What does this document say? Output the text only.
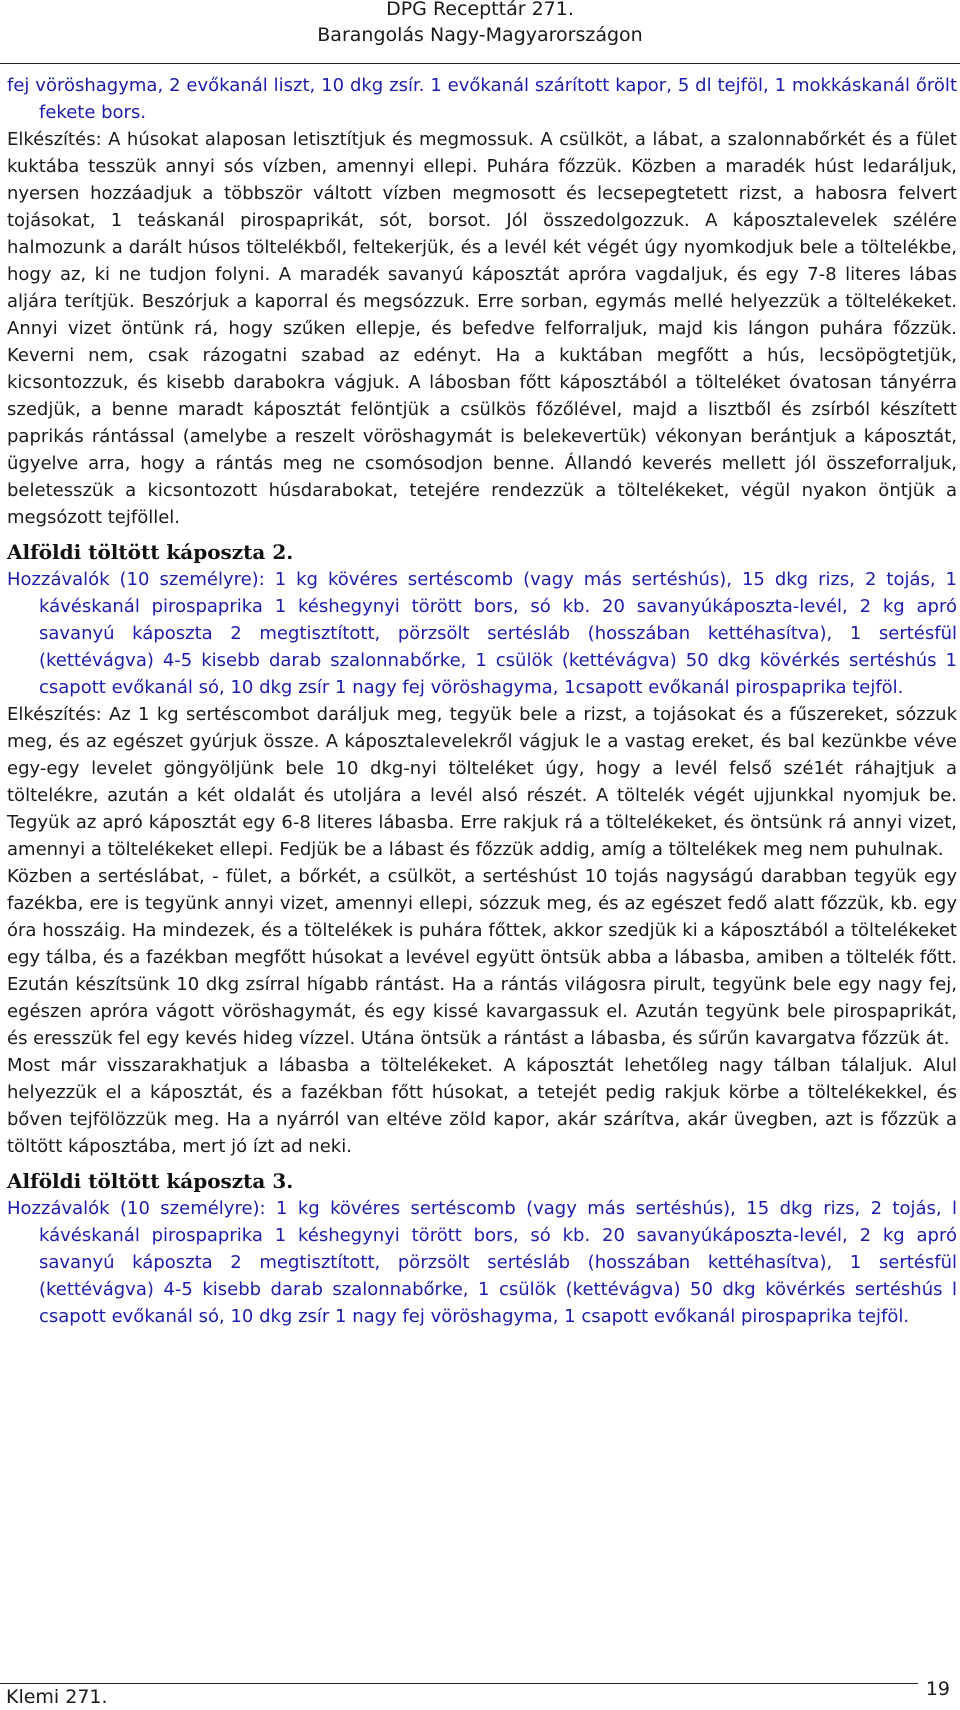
DPG Recepttár 271.
Barangolás Nagy-Magyarországon

fej vöröshagyma, 2 evőkanál liszt, 10 dkg zsír. 1 evőkanál szárított kapor, 5 dl tejföl, 1 mokkáskanál őrölt fekete bors.

Elkészítés: A húsokat alaposan letisztítjuk és megmossuk. A csülköt, a lábat, a szalonnabőrkét és a fület kuktába tesszük annyi sós vízben, amennyi ellepi. Puhára főzzük. Közben a maradék húst ledaráljuk, nyersen hozzáadjuk a többször váltott vízben megmosott és lecsepegtetett rizst, a habosra felvert tojásokat, 1 teáskanál pirospaprikát, sót, borsot. Jól összedolgozzuk. A káposztalevelek szélére halmozunk a darált húsos töltelékből, feltekerjük, és a levél két végét úgy nyomkodjuk bele a töltelékbe, hogy az, ki ne tudjon folyni. A maradék savanyú káposztát apróra vagdaljuk, és egy 7-8 literes lábas aljára terítjük. Beszórjuk a kaporral és megsózzuk. Erre sorban, egymás mellé helyezzük a töltelékeket. Annyi vizet öntünk rá, hogy szűken ellepje, és befedve felforraljuk, majd kis lángon puhára főzzük. Keverni nem, csak rázogatni szabad az edényt. Ha a kuktában megfőtt a hús, lecsöpögtetjük, kicsontozzuk, és kisebb darabokra vágjuk. A lábosban főtt káposztából a tölteléket óvatosan tányérra szedjük, a benne maradt káposztát felöntjük a csülkös főzőlével, majd a lisztből és zsírból készített paprikás rántással (amelybe a reszelt vöröshagymát is belekevertük) vékonyan berántjuk a káposztát, ügyelve arra, hogy a rántás meg ne csomósodjon benne. Állandó keverés mellett jól összeforraljuk, beletesszük a kicsontozott húsdarabokat, tetejére rendezzük a töltelékeket, végül nyakon öntjük a megsózott tejföllel.

Alföldi töltött káposzta 2.

Hozzávalók (10 személyre): 1 kg kövéres sertéscomb (vagy más sertéshús), 15 dkg rizs, 2 tojás, 1 kávéskanál pirospaprika 1 késhegynyi törött bors, só kb. 20 savanyúkáposzta-levél, 2 kg apró savanyú káposzta 2 megtisztított, pörzsölt sertésláb (hosszában kettéhasítva), 1 sertésfül (kettévágva) 4-5 kisebb darab szalonnabőrke, 1 csülök (kettévágva) 50 dkg kövérkés sertéshús 1 csapott evőkanál só, 10 dkg zsír 1 nagy fej vöröshagyma, 1csapott evőkanál pirospaprika tejföl.

Elkészítés: Az 1 kg sertéscombot daráljuk meg, tegyük bele a rizst, a tojásokat és a fűszereket, sózzuk meg, és az egészet gyúrjuk össze. A káposztalevelekről vágjuk le a vastag ereket, és bal kezünkbe véve egy-egy levelet göngyöljünk bele 10 dkg-nyi tölteléket úgy, hogy a levél felső szé1ét ráhajtjuk a töltelékre, azután a két oldalát és utoljára a levél alsó részét. A töltelék végét ujjunkkal nyomjuk be. Tegyük az apró káposztát egy 6-8 literes lábasba. Erre rakjuk rá a töltelékeket, és öntsünk rá annyi vizet, amennyi a töltelékeket ellepi. Fedjük be a lábast és főzzük addig, amíg a töltelékek meg nem puhulnak.

Közben a sertéslábat, - fület, a bőrkét, a csülköt, a sertéshúst 10 tojás nagyságú darabban tegyük egy fazékba, ere is tegyünk annyi vizet, amennyi ellepi, sózzuk meg, és az egészet fedő alatt főzzük, kb. egy óra hosszáig. Ha mindezek, és a töltelékek is puhára főttek, akkor szedjük ki a káposztából a töltelékeket egy tálba, és a fazékban megfőtt húsokat a levével együtt öntsük abba a lábasba, amiben a töltelék főtt. Ezután készítsünk 10 dkg zsírral hígabb rántást. Ha a rántás világosra pirult, tegyünk bele egy nagy fej, egészen apróra vágott vöröshagymát, és egy kissé kavargassuk el. Azután tegyünk bele pirospaprikát, és eresszük fel egy kevés hideg vízzel. Utána öntsük a rántást a lábasba, és sűrűn kavargatva főzzük át.

Most már visszarakhatjuk a lábasba a töltelékeket. A káposztát lehetőleg nagy tálban tálaljuk. Alul helyezzük el a káposztát, és a fazékban főtt húsokat, a tetejét pedig rakjuk körbe a töltelékekkel, és bőven tejfölözzük meg. Ha a nyárról van eltéve zöld kapor, akár szárítva, akár üvegben, azt is főzzük a töltött káposztába, mert jó ízt ad neki.

Alföldi töltött káposzta 3.

Hozzávalók (10 személyre): 1 kg kövéres sertéscomb (vagy más sertéshús), 15 dkg rizs, 2 tojás, l kávéskanál pirospaprika 1 késhegynyi törött bors, só kb. 20 savanyúkáposzta-levél, 2 kg apró savanyú káposzta 2 megtisztított, pörzsölt sertésláb (hosszában kettéhasítva), 1 sertésfül (kettévágva) 4-5 kisebb darab szalonnabőrke, 1 csülök (kettévágva) 50 dkg kövérkés sertéshús l csapott evőkanál só, 10 dkg zsír 1 nagy fej vöröshagyma, 1 csapott evőkanál pirospaprika tejföl.

Klemi 271.	19
